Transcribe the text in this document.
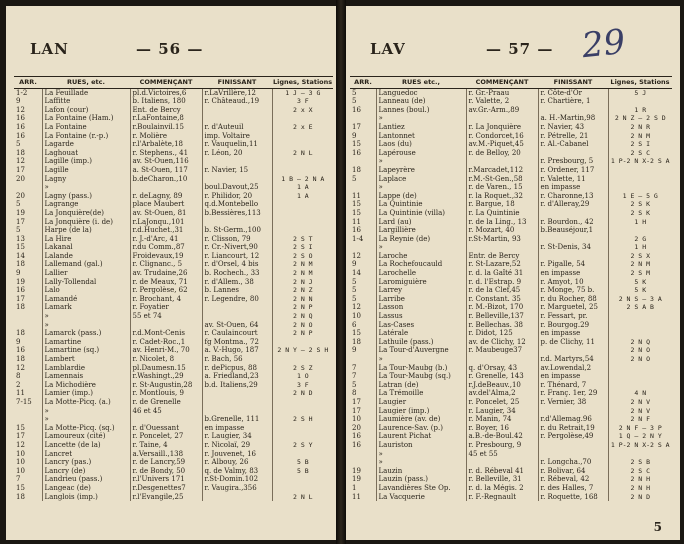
LAN	— 56 —
ARR.	RUES, etc.	COMMENÇANT	FINISSANT	Lignes, Stations
1-2	La Feuillade	pl.d.Victoires,6	r.LaVrillère,12	1 J — 3 G
9	Laffitte	b. Italiens, 180	r. Châteaud.,19	3 F
12	Lafon (cour)	Ent. de Bercy		2 x X
16	La Fontaine (Ham.)	r.LaFontaine,8		
16	La Fontaine	r.Boulainvil.15	r. d'Auteuil	2 x E
16	La Fontaine (r.-p.)	r. Molière	imp. Voltaire	
5	Lagarde	r.l'Arbalète,18	r. Vauquelin,11	
18	Laghouat	r. Stephens., 41	r. Léon, 20	2 N L
12	Lagille (imp.)	av. St-Ouen,116		
17	Lagille	a. St-Ouen, 117	r. Navier, 15	
20	Lagny	b.deCharon.,10		1 B — 2 N A
	»		boul.Davout,25	1 A
20	Lagny (pass.)	r. deLagny, 89	r. Philidor, 20	1 A
5	Lagrange	place Maubert	q.d.Montebello	
19	La Jonquière(de)	av. St-Ouen, 81	b.Bessières,113	
17	La Jonquière (i. de)	r.LaJonqu.,101		
5	Harpe (de la)	r.d.Huchet.,31	b. St-Germ.,100	
13	La Hire	r. J.-d'Arc, 41	r. Clisson, 79	2 S T
15	Lakanal	r.du Comm.,87	r. Cr.-Nivert,90	2 S I
14	Lalande	Froidevaux,19	r. Liancourt, 12	2 S O
18	Lallemand (gal.)	r. Clignanc., 5	r. d'Orsel, 4 bis	2 N M
9	Lallier	av. Trudaine,26	b. Rochech., 33	2 N M
19	Lally-Tollendal	r. de Meaux, 71	r. d'Allem., 38	2 N J
16	Lalo	r. Pergolèse, 62	b. Lannes	2 N Z
17	Lamandé	r. Brochant, 4	r. Legendre, 80	2 N N
18	Lamark	r. Foyatier		2 N P
	»	55 et 74		2 N Q
	»		av. St-Ouen, 64	2 N O
18	Lamarck (pass.)	r.d.Mont-Cenis	r. Caulaincourt	2 N P
9	Lamartine	r. Cadet-Roc.,1	fg Montma., 72	
16	Lamartine (sq.)	av. Henri-M., 70	a. V.-Hugo, 187	2 N Y — 2 S H
18	Lambert	r. Nicolet, 8	r. Bach, 56	
12	Lamblardie	pl.Daumesn.15	r. dePicpus, 88	2 S Z
8	Lamennais	r.Washingt.,29	a. Friedland,23	1 O
2	La Michodière	r. St-Augustin,28	b.d. Italiens,29	3 F
11	Lamier (imp.)	r. Montlouis, 9		2 N D
7-15	La Motte-Picq. (a.)	r. de Grenelle		
	»	46 et 45		
	»		b.Grenelle, 111	2 S H
15	La Motte-Picq. (sq.)	r. d'Ouessant	en impasse	
17	Lamoureux (cité)	r. Poncelet, 27	r. Laugier, 34	
12	Lancette (de la)	r. Taine, 4	r. Nicolaï, 29	2 S Y
10	Lancret	a.Versaill.,138	r. Jouvenet, 16	
10	Lancry (pas.)	r. de Lancry,59	r. Albouy, 26	5 B
10	Lancry (de)	r. de Bondy, 50	q. de Valmy, 83	5 B
7	Landrieu (pass.)	r.l'Univers 171	r.St-Domin.102	
15	Langeac (de)	r.Desgenettes7	r. Vaugira.,356	
18	Langlois (imp.)	r.l'Evangile,25		2 N L
LAV	— 57 — 29
ARR.	RUES etc.,	COMMENÇANT	FINISSANT	Lignes, Stations
5	Languedoc	r. Gr.-Praau	r. Côte-d'Or	5 J
5	Lanneau (de)	r. Valette, 2	r. Chartière, 1	
16	Lannes (boul.)	av.Gr.-Arm.,89		1 R
	»		a. H.-Martin,98	2 N Z — 2 S D
17	Lantiez	r. La Jonquière	r. Navier, 43	2 N R
9	Lantonnet	r. Condorcet,16	r. Pétrelle, 21	2 N M
15	Laos (du)	av.M.-Piquet,45	r. Al.-Cabanel	2 S I
16	Lapérouse	r. de Belloy, 20		2 S C
	»		r. Presbourg, 5	1 P-2 N X-2 S A
18	Lapeyrère	r.Marcadet,112	r. Ordener, 117	
5	Laplace	r.M.-St-Gen.,58	r. Valette, 11	
	»	r. de Varen., 15	en impasse	
11	Lappe (de)	r. la Roquet.,32	r. Charonne,13	1 E — 5 G
15	La Quintinie	r. Bargue, 18	r. d'Alleray,29	2 S K
15	La Quintinie (villa)	r. La Quintinie		2 S K
11	Lard (au)	r. de la Ling., 13	r. Bourdon., 42	1 H
16	Largillière	r. Mozart, 40	b.Beauséjour,1	
1-4	La Reynie (de)	r.St-Martin, 93		2 G
	»		r. St-Denis, 34	1 H
12	Laroche	Entr. de Bercy		2 S X
9	La Rochefoucauld	r. St-Lazare,52	r. Pigalle, 54	2 N M
14	Larochelle	r. d. la Gaîté 31	en impasse	2 S M
5	Laromiguière	r. d. l'Estrap. 9	r. Amyot, 10	5 K
5	Larrey	r. de la Clef,45	r. Monge, 75 b.	5 K
5	Larribe	r. Constant. 35	r. du Rocher, 88	2 N S — 3 A
12	Lasson	r. M.-Bizot, 170	r. Marguetel, 25	2 S A B
10	Lassus	r. Belleville,137	r. Fessart, pr.	
6	Las-Cases	r. Bellechas. 38	r. Bourgog.29	
15	Latérale	r. Didot, 125	en impasse	
18	Lathuile (pass.)	av. de Clichy, 12	p. de Clichy, 11	2 N Q
9	La Tour-d'Auvergne	r. Maubeuge37		2 N O
	»		r.d. Martyrs,54	2 N O
7	La Tour-Maubg (b.)	q. d'Orsay, 43	av.Lowendal,2	
7	La Tour-Maubg (sq.)	r. Grenelle, 143	en impasse	
5	Latran (de)	r.J.deBeauv.,10	r. Thénard, 7	
8	La Trémoille	av.del'Alma,2	r. Franç. 1er, 29	4 N
17	Laugier	r. Poncelet, 25	r. Vernier, 38	2 N V
17	Laugier (imp.)	r. Laugier, 34		2 N V
10	Laumière (av. de)	r. Manin, 74	r.d'Allemag.96	2 N F
20	Laurence-Sav. (p.)	r. Boyer, 16	r. du Retrait,19	2 N F — 3 P
16	Laurent Pichat	a.B.-de-Boul.42	r. Pergolèse,49	1 Q — 2 N Y
16	Lauriston	r. Presbourg, 9		1 P-2 N X-2 S A
	»	45 et 55		
	»		r. Longcha.,70	2 S B
19	Lauzin	r. d. Rébeval 41	r. Bolivar, 64	2 S C
19	Lauzin (pass.)	r. Belleville, 31	r. Rébeval, 42	2 N H
1	Lavandières Ste Op.	r. d. la Mégis. 2	r. des Halles, 7	2 N H
11	La Vacquerie	r. F.-Regnault	r. Roquette, 168	2 N D
5
